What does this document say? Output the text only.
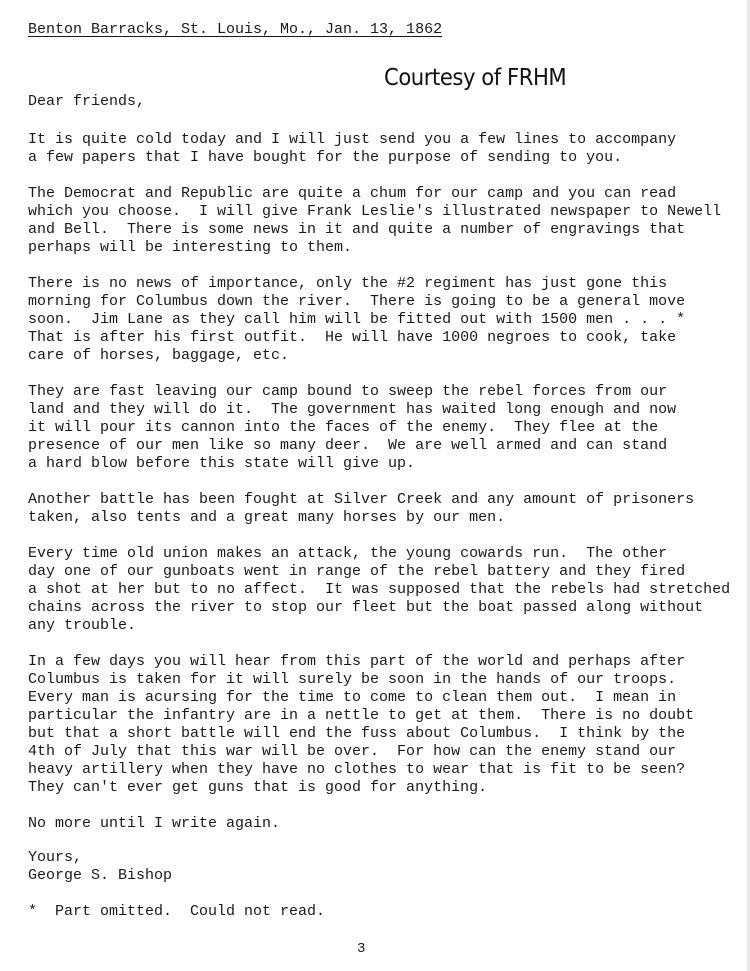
Benton Barracks, St. Louis, Mo., Jan. 13, 1862
Courtesy of FRHM
Dear friends,
It is quite cold today and I will just send you a few lines to accompany
a few papers that I have bought for the purpose of sending to you.
The Democrat and Republic are quite a chum for our camp and you can read
which you choose.  I will give Frank Leslie's illustrated newspaper to Newell
and Bell.  There is some news in it and quite a number of engravings that
perhaps will be interesting to them.
There is no news of importance, only the #2 regiment has just gone this
morning for Columbus down the river.  There is going to be a general move
soon.  Jim Lane as they call him will be fitted out with 1500 men . . . *
That is after his first outfit.  He will have 1000 negroes to cook, take
care of horses, baggage, etc.
They are fast leaving our camp bound to sweep the rebel forces from our
land and they will do it.  The government has waited long enough and now
it will pour its cannon into the faces of the enemy.  They flee at the
presence of our men like so many deer.  We are well armed and can stand
a hard blow before this state will give up.
Another battle has been fought at Silver Creek and any amount of prisoners
taken, also tents and a great many horses by our men.
Every time old union makes an attack, the young cowards run.  The other
day one of our gunboats went in range of the rebel battery and they fired
a shot at her but to no affect.  It was supposed that the rebels had stretched
chains across the river to stop our fleet but the boat passed along without
any trouble.
In a few days you will hear from this part of the world and perhaps after
Columbus is taken for it will surely be soon in the hands of our troops.
Every man is acursing for the time to come to clean them out.  I mean in
particular the infantry are in a nettle to get at them.  There is no doubt
but that a short battle will end the fuss about Columbus.  I think by the
4th of July that this war will be over.  For how can the enemy stand our
heavy artillery when they have no clothes to wear that is fit to be seen?
They can't ever get guns that is good for anything.
No more until I write again.
Yours,
George S. Bishop
*  Part omitted.  Could not read.
3
